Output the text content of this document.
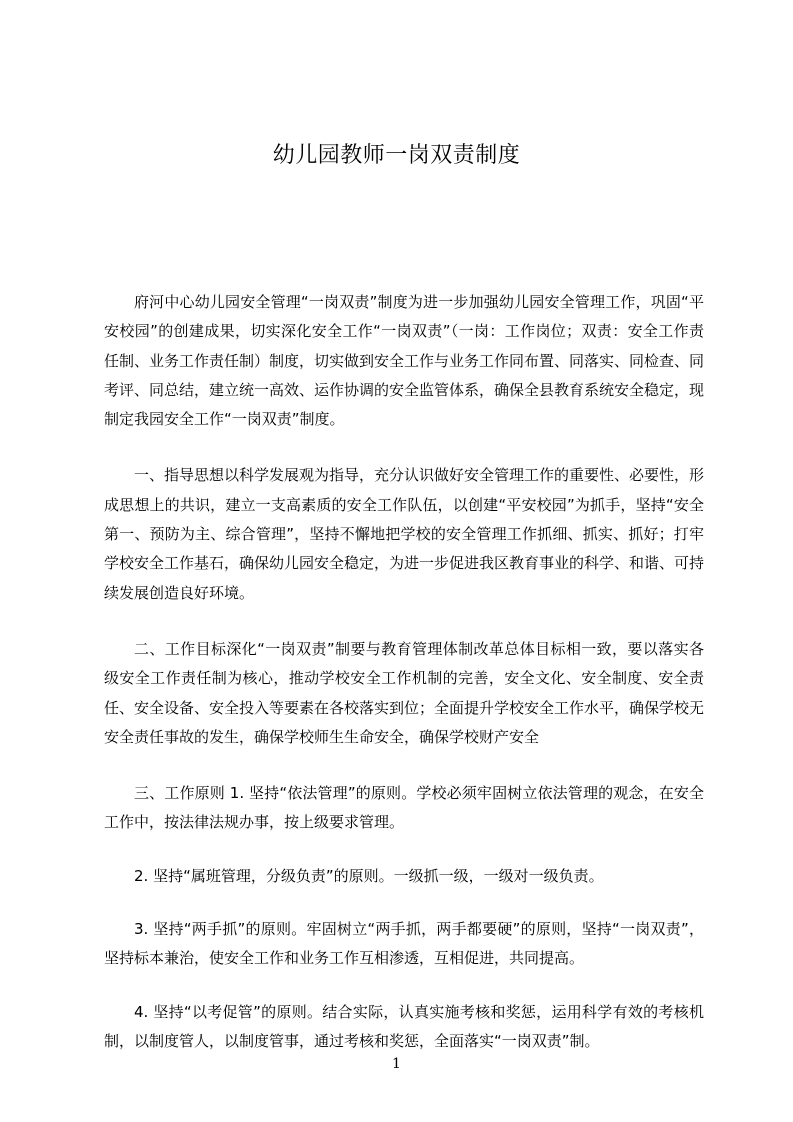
幼儿园教师一岗双责制度

府河中心幼儿园安全管理“一岗双责”制度为进一步加强幼儿园安全管理工作，巩固“平安校园”的创建成果，切实深化安全工作“一岗双责”（一岗：工作岗位；双责：安全工作责任制、业务工作责任制）制度，切实做到安全工作与业务工作同布置、同落实、同检查、同考评、同总结，建立统一高效、运作协调的安全监管体系，确保全县教育系统安全稳定，现制定我园安全工作“一岗双责”制度。

一、指导思想以科学发展观为指导，充分认识做好安全管理工作的重要性、必要性，形成思想上的共识，建立一支高素质的安全工作队伍，以创建“平安校园”为抓手，坚持“安全第一、预防为主、综合管理”，坚持不懈地把学校的安全管理工作抓细、抓实、抓好；打牢学校安全工作基石，确保幼儿园安全稳定，为进一步促进我区教育事业的科学、和谐、可持续发展创造良好环境。

二、工作目标深化“一岗双责”制要与教育管理体制改革总体目标相一致，要以落实各级安全工作责任制为核心，推动学校安全工作机制的完善，安全文化、安全制度、安全责任、安全设备、安全投入等要素在各校落实到位；全面提升学校安全工作水平，确保学校无安全责任事故的发生，确保学校师生生命安全，确保学校财产安全

三、工作原则 1. 坚持“依法管理”的原则。学校必须牢固树立依法管理的观念，在安全工作中，按法律法规办事，按上级要求管理。

2. 坚持“属班管理，分级负责”的原则。一级抓一级，一级对一级负责。

3. 坚持“两手抓”的原则。牢固树立“两手抓，两手都要硬”的原则，坚持“一岗双责”，坚持标本兼治，使安全工作和业务工作互相渗透，互相促进，共同提高。

4. 坚持“以考促管”的原则。结合实际，认真实施考核和奖惩，运用科学有效的考核机制，以制度管人，以制度管事，通过考核和奖惩，全面落实“一岗双责”制。

1
